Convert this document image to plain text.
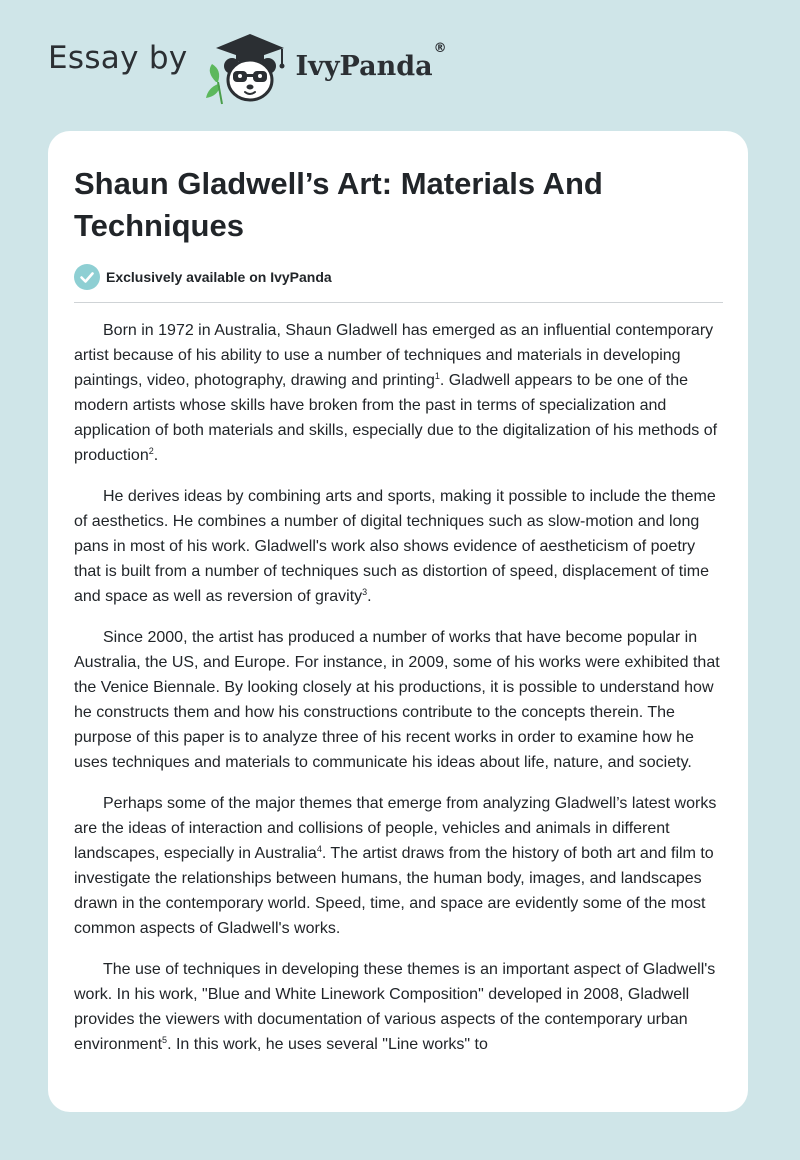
Essay by	IvyPanda
®
Shaun Gladwell’s Art: Materials And Techniques
Exclusively available on IvyPanda

Born in 1972 in Australia, Shaun Gladwell has emerged as an influential contemporary artist because of his ability to use a number of techniques and materials in developing paintings, video, photography, drawing and printing$^1$. Gladwell appears to be one of the modern artists whose skills have broken from the past in terms of specialization and application of both materials and skills, especially due to the digitalization of his methods of production$^2$.

He derives ideas by combining arts and sports, making it possible to include the theme of aesthetics. He combines a number of digital techniques such as slow-motion and long pans in most of his work. Gladwell's work also shows evidence of aestheticism of poetry that is built from a number of techniques such as distortion of speed, displacement of time and space as well as reversion of gravity$^3$.

Since 2000, the artist has produced a number of works that have become popular in Australia, the US, and Europe. For instance, in 2009, some of his works were exhibited that the Venice Biennale. By looking closely at his productions, it is possible to understand how he constructs them and how his constructions contribute to the concepts therein. The purpose of this paper is to analyze three of his recent works in order to examine how he uses techniques and materials to communicate his ideas about life, nature, and society.

Perhaps some of the major themes that emerge from analyzing Gladwell’s latest works are the ideas of interaction and collisions of people, vehicles and animals in different landscapes, especially in Australia$^4$. The artist draws from the history of both art and film to investigate the relationships between humans, the human body, images, and landscapes drawn in the contemporary world. Speed, time, and space are evidently some of the most common aspects of Gladwell's works.

The use of techniques in developing these themes is an important aspect of Gladwell's work. In his work, "Blue and White Linework Composition" developed in 2008, Gladwell provides the viewers with documentation of various aspects of the contemporary urban environment$^5$. In this work, he uses several "Line works" to
